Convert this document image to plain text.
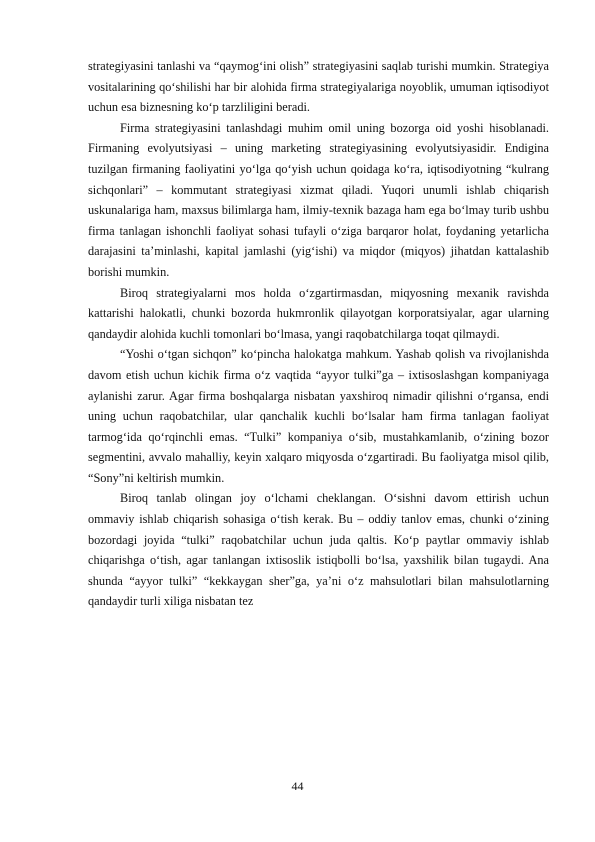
strategiyasini tanlashi va “qaymog‘ini olish” strategiyasini saqlab turishi mumkin. Strategiya vositalarining qo‘shilishi har bir alohida firma strategiyalariga noyoblik, umuman iqtisodiyot uchun esa biznesning ko‘p tarzliligini beradi.

Firma strategiyasini tanlashdagi muhim omil uning bozorga oid yoshi hisoblanadi. Firmaning evolyutsiyasi – uning marketing strategiyasining evolyutsiyasidir. Endigina tuzilgan firmaning faoliyatini yo‘lga qo‘yish uchun qoidaga ko‘ra, iqtisodiyotning “kulrang sichqonlari” – kommutant strategiyasi xizmat qiladi. Yuqori unumli ishlab chiqarish uskunalariga ham, maxsus bilimlarga ham, ilmiy-texnik bazaga ham ega bo‘lmay turib ushbu firma tanlagan ishonchli faoliyat sohasi tufayli o‘ziga barqaror holat, foydaning yetarlicha darajasini ta’minlashi, kapital jamlashi (yig‘ishi) va miqdor (miqyos) jihatdan kattalashib borishi mumkin.

Biroq strategiyalarni mos holda o‘zgartirmasdan, miqyosning mexanik ravishda kattarishi halokatli, chunki bozorda hukmronlik qilayotgan korporatsiyalar, agar ularning qandaydir alohida kuchli tomonlari bo‘lmasa, yangi raqobatchilarga toqat qilmaydi.

“Yoshi o‘tgan sichqon” ko‘pincha halokatga mahkum. Yashab qolish va rivojlanishda davom etish uchun kichik firma o‘z vaqtida “ayyor tulki”ga – ixtisoslashgan kompaniyaga aylanishi zarur. Agar firma boshqalarga nisbatan yaxshiroq nimadir qilishni o‘rgansa, endi uning uchun raqobatchilar, ular qanchalik kuchli bo‘lsalar ham firma tanlagan faoliyat tarmog‘ida qo‘rqinchli emas. “Tulki” kompaniya o‘sib, mustahkamlanib, o‘zining bozor segmentini, avvalo mahalliy, keyin xalqaro miqyosda o‘zgartiradi. Bu faoliyatga misol qilib, “Sony”ni keltirish mumkin.

Biroq tanlab olingan joy o‘lchami cheklangan. O‘sishni davom ettirish uchun ommaviy ishlab chiqarish sohasiga o‘tish kerak. Bu – oddiy tanlov emas, chunki o‘zining bozordagi joyida “tulki” raqobatchilar uchun juda qaltis. Ko‘p paytlar ommaviy ishlab chiqarishga o‘tish, agar tanlangan ixtisoslik istiqbolli bo‘lsa, yaxshilik bilan tugaydi. Ana shunda “ayyor tulki” “kekkaygan sher”ga, ya’ni o‘z mahsulotlari bilan mahsulotlarning qandaydir turli xiliga nisbatan tez

44
